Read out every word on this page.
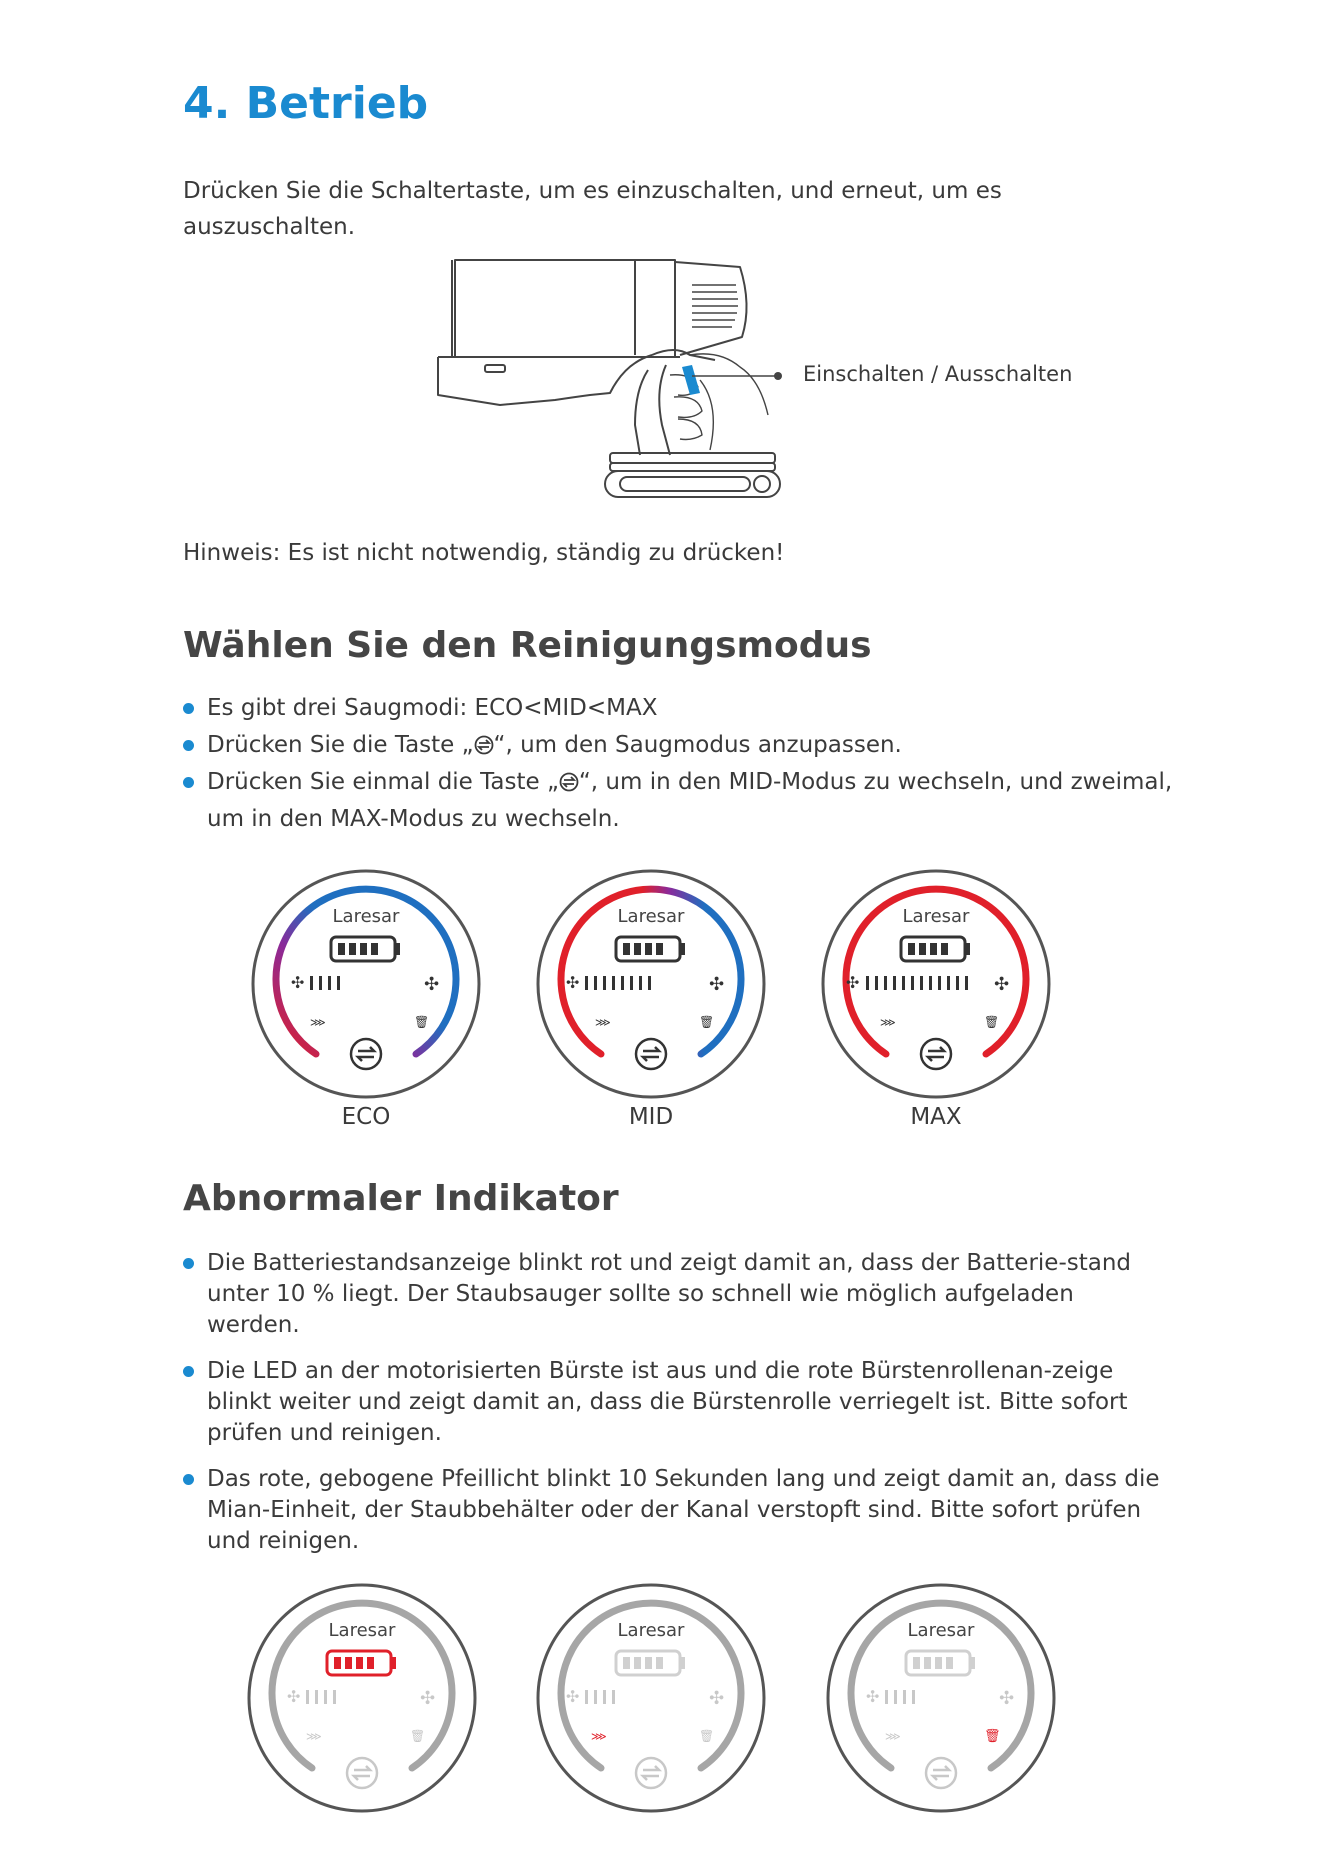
4. Betrieb

Drücken Sie die Schaltertaste, um es einzuschalten, und erneut, um es auszuschalten.

Einschalten / Ausschalten

Hinweis: Es ist nicht notwendig, ständig zu drücken!

Wählen Sie den Reinigungsmodus
Es gibt drei Saugmodi: ECO<MID<MAX
Drücken Sie die Taste „ “, um den Saugmodus anzupassen.
Drücken Sie einmal die Taste „ “, um in den MID-Modus zu wechseln, und zweimal, um in den MAX-Modus zu wechseln.
Laresar
✣	✣
⋙	🗑
ECO
Laresar
✣	✣
⋙	🗑
MID
Laresar
✣	✣
⋙	🗑
MAX
Abnormaler Indikator
Die Batteriestandsanzeige blinkt rot und zeigt damit an, dass der Batterie-stand unter 10 % liegt. Der Staubsauger sollte so schnell wie möglich aufgeladen werden.
Die LED an der motorisierten Bürste ist aus und die rote Bürstenrollenan-zeige blinkt weiter und zeigt damit an, dass die Bürstenrolle verriegelt ist. Bitte sofort prüfen und reinigen.
Das rote, gebogene Pfeillicht blinkt 10 Sekunden lang und zeigt damit an, dass die Mian-Einheit, der Staubbehälter oder der Kanal verstopft sind. Bitte sofort prüfen und reinigen.
Laresar
✣	✣
⋙	🗑
Laresar
✣	✣
⋙	🗑
Laresar
✣	✣
⋙	🗑
